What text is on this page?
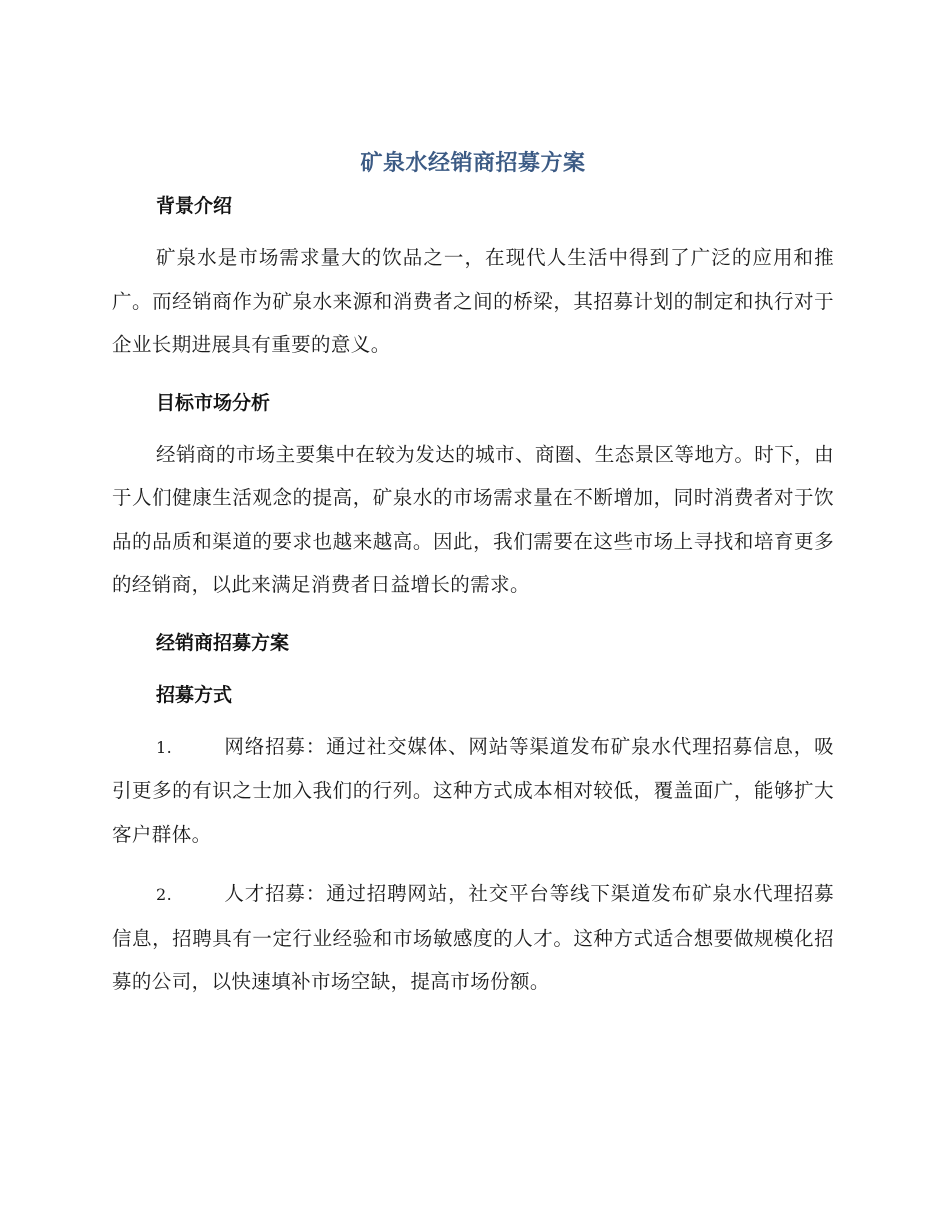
矿泉水经销商招募方案
背景介绍

矿泉水是市场需求量大的饮品之一，在现代人生活中得到了广泛的应用和推广。而经销商作为矿泉水来源和消费者之间的桥梁，其招募计划的制定和执行对于企业长期进展具有重要的意义。

目标市场分析

经销商的市场主要集中在较为发达的城市、商圈、生态景区等地方。时下，由于人们健康生活观念的提高，矿泉水的市场需求量在不断增加，同时消费者对于饮品的品质和渠道的要求也越来越高。因此，我们需要在这些市场上寻找和培育更多的经销商，以此来满足消费者日益增长的需求。

经销商招募方案
招募方式

1.	网络招募：通过社交媒体、网站等渠道发布矿泉水代理招募信息，吸引更多的有识之士加入我们的行列。这种方式成本相对较低，覆盖面广，能够扩大客户群体。

2.	人才招募：通过招聘网站，社交平台等线下渠道发布矿泉水代理招募信息，招聘具有一定行业经验和市场敏感度的人才。这种方式适合想要做规模化招募的公司，以快速填补市场空缺，提高市场份额。
